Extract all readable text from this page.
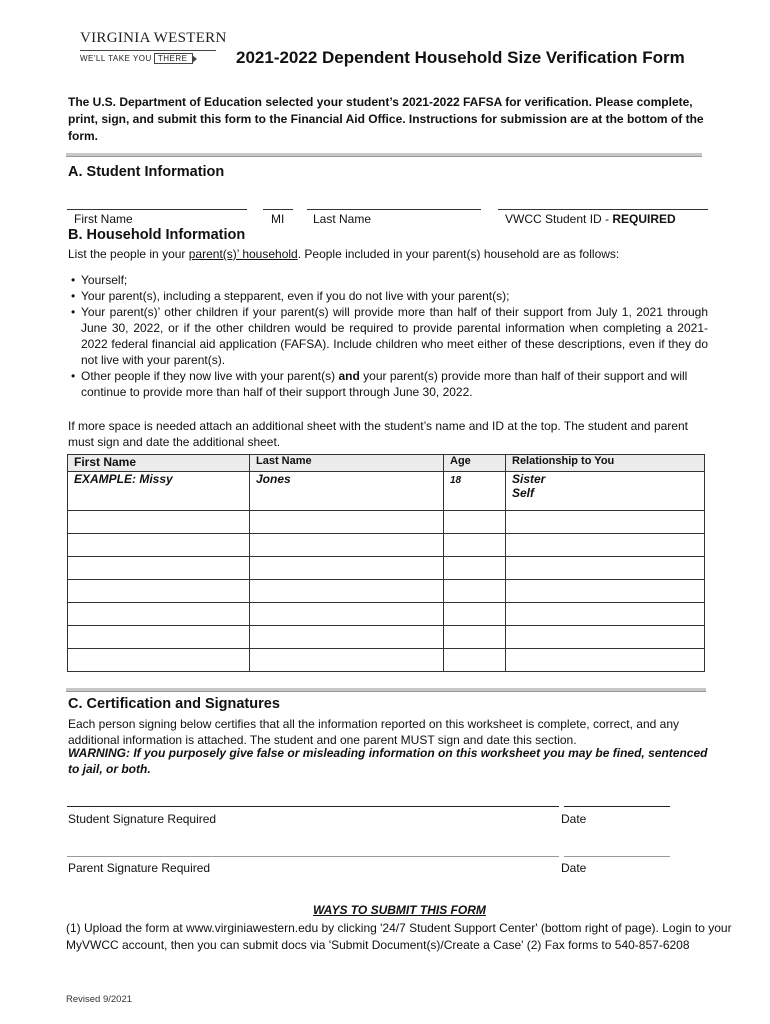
VIRGINIA WESTERN
WE'LL TAKE YOU THERE	2021-2022 Dependent Household Size Verification Form
The U.S. Department of Education selected your student’s 2021-2022 FAFSA for verification. Please complete, print, sign, and submit this form to the Financial Aid Office. Instructions for submission are at the bottom of the form.
A. Student Information
First Name	MI Last Name	VWCC Student ID - REQUIRED
B. Household Information
List the people in your parent(s)’ household. People included in your parent(s) household are as follows:
• Yourself;
• Your parent(s), including a stepparent, even if you do not live with your parent(s);
• Your parent(s)’ other children if your parent(s) will provide more than half of their support from July 1, 2021 through June 30, 2022, or if the other children would be required to provide parental information when completing a 2021-2022 federal financial aid application (FAFSA). Include children who meet either of these descriptions, even if they do not live with your parent(s).
• Other people if they now live with your parent(s) and your parent(s) provide more than half of their support and will continue to provide more than half of their support through June 30, 2022.
If more space is needed attach an additional sheet with the student’s name and ID at the top. The student and parent must sign and date the additional sheet.
First Name	Last Name	Age	Relationship to You
EXAMPLE: Missy	Jones	18	Sister
Self

C. Certification and Signatures
Each person signing below certifies that all the information reported on this worksheet is complete, correct, and any additional information is attached. The student and one parent MUST sign and date this section.
WARNING: If you purposely give false or misleading information on this worksheet you may be fined, sentenced to jail, or both.
Student Signature Required	Date
Parent Signature Required	Date
WAYS TO SUBMIT THIS FORM
(1) Upload the form at www.virginiawestern.edu by clicking '24/7 Student Support Center' (bottom right of page). Login to your MyVWCC account, then you can submit docs via 'Submit Document(s)/Create a Case' (2) Fax forms to 540-857-6208
Revised 9/2021
